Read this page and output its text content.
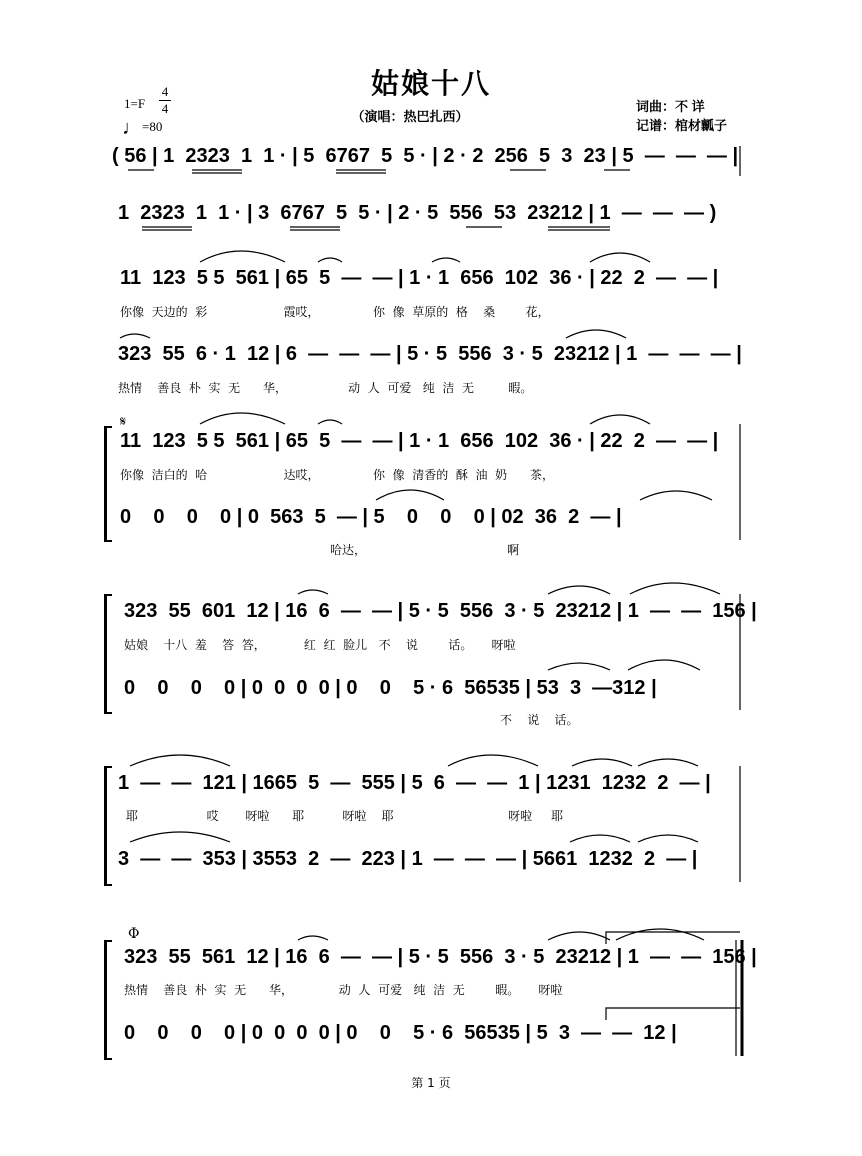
姑娘十八
（演唱：热巴扎西）
1=F
4
4
♩=80
词曲：不 详
记谱：棺材瓤子
( 56 | 1  2323  1  1 · | 5  6767  5  5 · | 2 · 2  256  5  3  23 | 5  —  —  — |
1  2323  1  1 · | 3  6767  5  5 · | 2 · 5  556  53  23212 | 1  —  —  — )
11  123  5 5  561 | 65  5  —  — | 1 · 1  656  102  36 · | 22  2  —  — |
你像  天边的  彩                    霞哎，              你  像  草原的  格    桑        花，
323  55  6 · 1  12 | 6  —  —  — | 5 · 5  556  3 · 5  23212 | 1  —  —  — |
热情    善良  朴  实  无      华，                动  人  可爱   纯  洁  无         暇。
𝄋
11  123  5 5  561 | 65  5  —  — | 1 · 1  656  102  36 · | 22  2  —  — |
你像  洁白的  哈                    达哎，              你  像  清香的  酥  油  奶      茶，
0    0    0    0 | 0  563  5  — | 5    0    0    0 | 02  36  2  — |
哈达，                                     啊
323  55  601  12 | 16  6  —  — | 5 · 5  556  3 · 5  23212 | 1  —  —  156 |
姑娘    十八  羞    答  答，          红  红  脸儿   不    说        话。     呀啦
0    0    0    0 | 0  0  0  0 | 0    0    5 · 6  56535 | 53  3  —312 |
不    说    话。
1  —  —  121 | 1665  5  —  555 | 5  6  —  —  1 | 1231  1232  2  — |
耶                  哎       呀啦      耶          呀啦    耶                              呀啦     耶
3  —  —  353 | 3553  2  —  223 | 1  —  —  — | 5661  1232  2  — |
Φ
323  55  561  12 | 16  6  —  — | 5 · 5  556  3 · 5  23212 | 1  —  —  156 |
热情    善良  朴  实  无      华，            动  人  可爱   纯  洁  无        暇。     呀啦
0    0    0    0 | 0  0  0  0 | 0    0    5 · 6  56535 | 5  3  —  —  12 |
第 1 页
